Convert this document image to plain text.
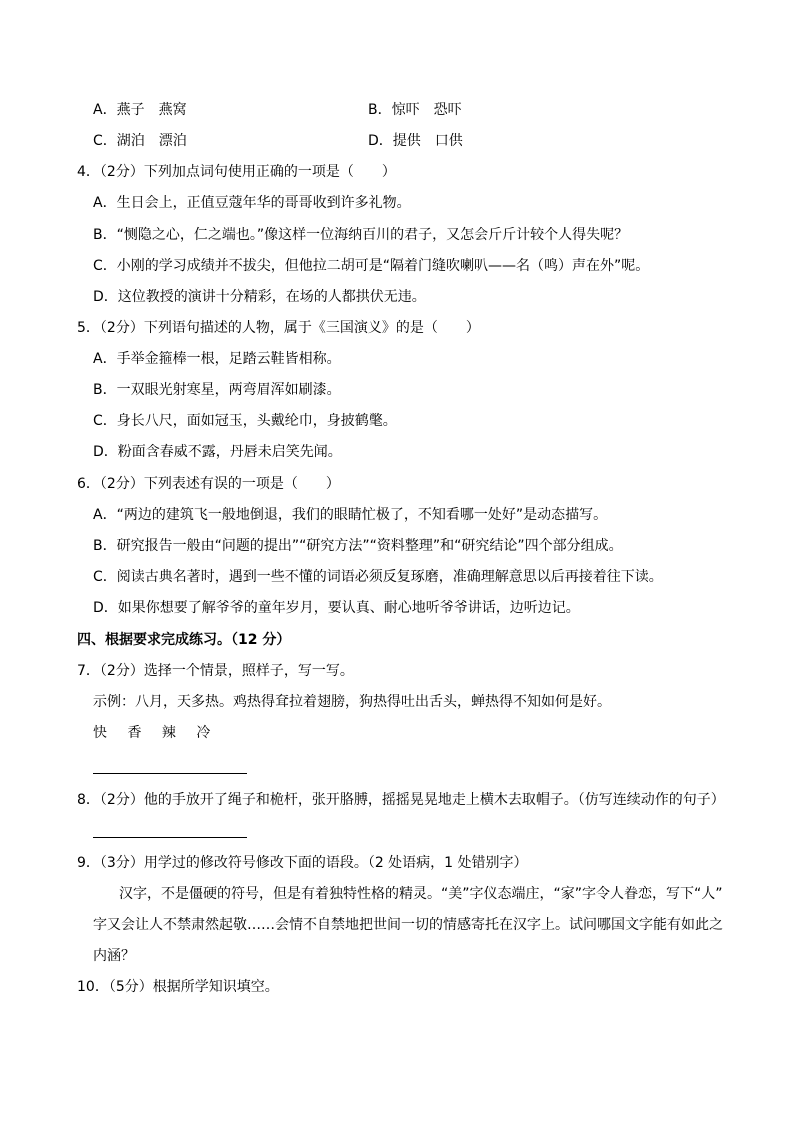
A．燕子　燕窝	B．惊吓　恐吓
C．湖泊　漂泊	D．提供　口供
4．（2分）下列加点词句使用正确的一项是（　　）
A．生日会上，正值豆蔻年华的哥哥收到许多礼物。
B．“恻隐之心，仁之端也。”像这样一位海纳百川的君子，又怎会斤斤计较个人得失呢？
C．小刚的学习成绩并不拔尖，但他拉二胡可是“隔着门缝吹喇叭——名（鸣）声在外”呢。
D．这位教授的演讲十分精彩，在场的人都拱伏无违。
5．（2分）下列语句描述的人物，属于《三国演义》的是（　　）
A．手举金箍棒一根，足踏云鞋皆相称。
B．一双眼光射寒星，两弯眉浑如刷漆。
C．身长八尺，面如冠玉，头戴纶巾，身披鹤氅。
D．粉面含春威不露，丹唇未启笑先闻。
6．（2分）下列表述有误的一项是（　　）
A．“两边的建筑飞一般地倒退，我们的眼睛忙极了，不知看哪一处好”是动态描写。
B．研究报告一般由“问题的提出”“研究方法”“资料整理”和“研究结论”四个部分组成。
C．阅读古典名著时，遇到一些不懂的词语必须反复琢磨，准确理解意思以后再接着往下读。
D．如果你想要了解爷爷的童年岁月，要认真、耐心地听爷爷讲话，边听边记。
四、根据要求完成练习。（12 分）
7．（2分）选择一个情景，照样子，写一写。
示例：八月，天多热。鸡热得耷拉着翅膀，狗热得吐出舌头，蝉热得不知如何是好。
快 香 辣 冷
8．（2分）他的手放开了绳子和桅杆，张开胳膊，摇摇晃晃地走上横木去取帽子。（仿写连续动作的句子）
9．（3分）用学过的修改符号修改下面的语段。（2 处语病，1 处错别字）
汉字，不是僵硬的符号，但是有着独特性格的精灵。“美”字仪态端庄，“家”字令人眷恋，写下“人”
字又会让人不禁肃然起敬……会情不自禁地把世间一切的情感寄托在汉字上。试问哪国文字能有如此之
内涵？
10．（5分）根据所学知识填空。
